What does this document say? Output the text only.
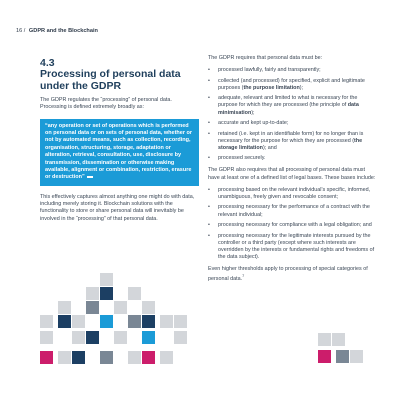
16 / GDPR and the Blockchain
4.3
Processing of personal data under the GDPR

The GDPR regulates the “processing” of personal data. Processing is defined extremely broadly as:

“any operation or set of operations which is performed on personal data or on sets of personal data, whether or not by automated means, such as collection, recording, organisation, structuring, storage, adaptation or alteration, retrieval, consultation, use, disclosure by transmission, dissemination or otherwise making available, alignment or combination, restriction, erasure or destruction”

This effectively captures almost anything one might do with data, including merely storing it. Blockchain solutions with the functionality to store or share personal data will inevitably be involved in the “processing” of that personal data.

The GDPR requires that personal data must be:

• processed lawfully, fairly and transparently;
• collected (and processed) for specified, explicit and legitimate purposes (the purpose limitation);
• adequate, relevant and limited to what is necessary for the purpose for which they are processed (the principle of data minimisation);
• accurate and kept up-to-date;
• retained (i.e. kept in an identifiable form) for no longer than is necessary for the purpose for which they are processed (the storage limitation); and
• processed securely.

The GDPR also requires that all processing of personal data must have at least one of a defined list of legal bases. These bases include:

• processing based on the relevant individual’s specific, informed, unambiguous, freely given and revocable consent;
• processing necessary for the performance of a contract with the relevant individual;
• processing necessary for compliance with a legal obligation; and
• processing necessary for the legitimate interests pursued by the controller or a third party (except where such interests are overridden by the interests or fundamental rights and freedoms of the data subject).

Even higher thresholds apply to processing of special categories of personal data.$^7$
